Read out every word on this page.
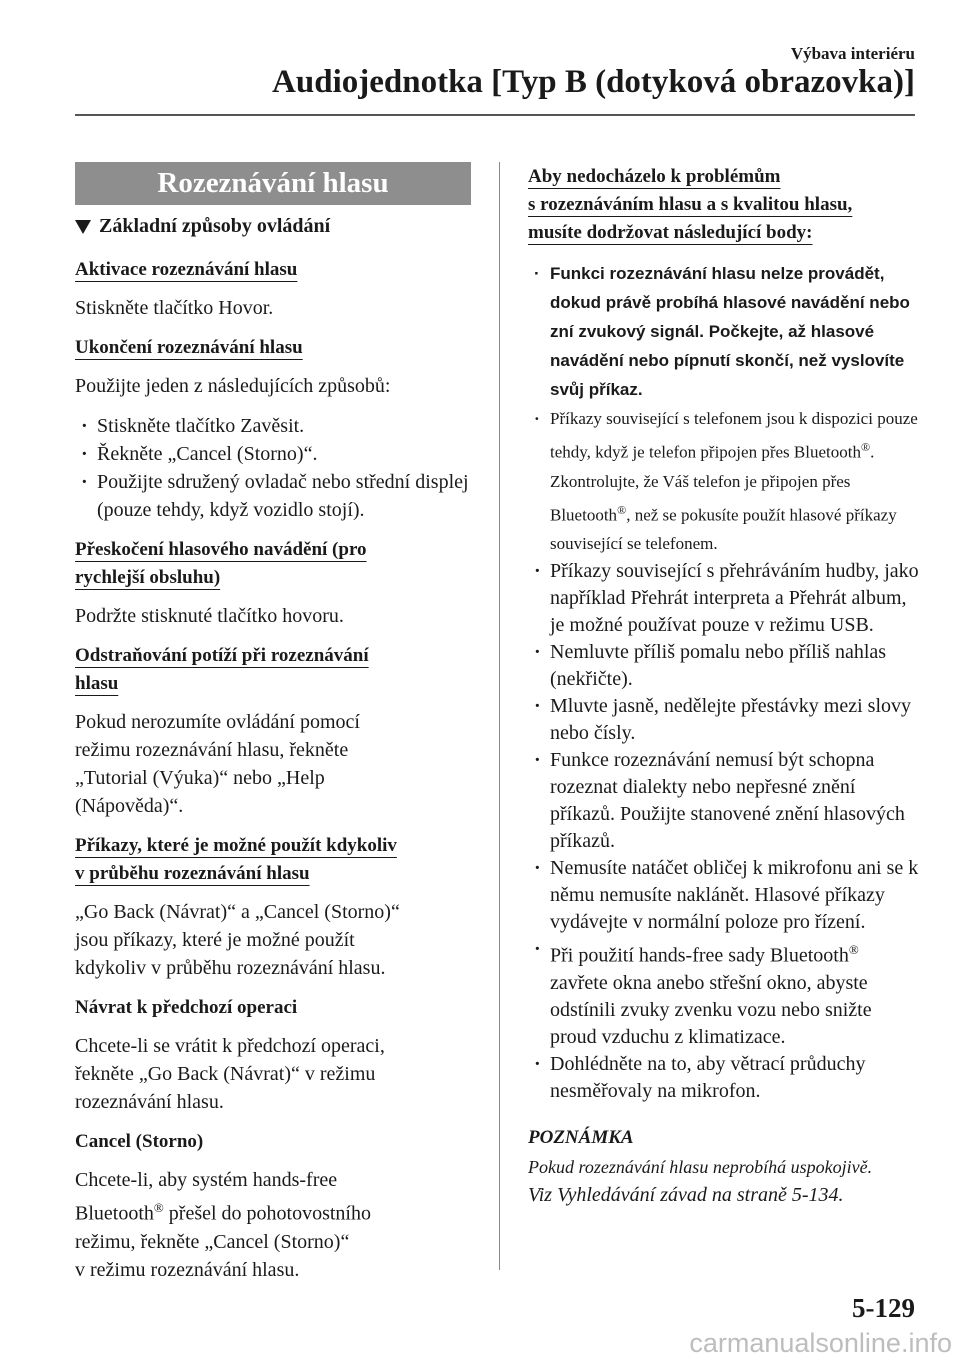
Výbava interiéru
Audiojednotka [Typ B (dotyková obrazovka)]
Rozeznávání hlasu
Základní způsoby ovládání
Aktivace rozeznávání hlasu
Stiskněte tlačítko Hovor.
Ukončení rozeznávání hlasu
Použijte jeden z následujících způsobů:
· Stiskněte tlačítko Zavěsit.
· Řekněte „Cancel (Storno)“.
· Použijte sdružený ovladač nebo střední displej (pouze tehdy, když vozidlo stojí).
Přeskočení hlasového navádění (pro
rychlejší obsluhu)
Podržte stisknuté tlačítko hovoru.
Odstraňování potíží při rozeznávání
hlasu
Pokud nerozumíte ovládání pomocí
režimu rozeznávání hlasu, řekněte
„Tutorial (Výuka)“ nebo „Help
(Nápověda)“.
Příkazy, které je možné použít kdykoliv
v průběhu rozeznávání hlasu
„Go Back (Návrat)“ a „Cancel (Storno)“
jsou příkazy, které je možné použít
kdykoliv v průběhu rozeznávání hlasu.
Návrat k předchozí operaci
Chcete-li se vrátit k předchozí operaci,
řekněte „Go Back (Návrat)“ v režimu
rozeznávání hlasu.
Cancel (Storno)
Chcete-li, aby systém hands-free
Bluetooth® přešel do pohotovostního
režimu, řekněte „Cancel (Storno)“
v režimu rozeznávání hlasu.
Aby nedocházelo k problémům
s rozeznáváním hlasu a s kvalitou hlasu,
musíte dodržovat následující body:
· Funkci rozeznávání hlasu nelze provádět, dokud právě probíhá hlasové navádění nebo zní zvukový signál. Počkejte, až hlasové navádění nebo pípnutí skončí, než vyslovíte svůj příkaz.
· Příkazy související s telefonem jsou k dispozici pouze tehdy, když je telefon připojen přes Bluetooth®. Zkontrolujte, že Váš telefon je připojen přes Bluetooth®, než se pokusíte použít hlasové příkazy související se telefonem.
· Příkazy související s přehráváním hudby, jako například Přehrát interpreta a Přehrát album, je možné používat pouze v režimu USB.
· Nemluvte příliš pomalu nebo příliš nahlas (nekřičte).
· Mluvte jasně, nedělejte přestávky mezi slovy nebo čísly.
· Funkce rozeznávání nemusí být schopna rozeznat dialekty nebo nepřesné znění příkazů. Použijte stanovené znění hlasových příkazů.
· Nemusíte natáčet obličej k mikrofonu ani se k němu nemusíte naklánět. Hlasové příkazy vydávejte v normální poloze pro řízení.
· Při použití hands-free sady Bluetooth® zavřete okna anebo střešní okno, abyste odstínili zvuky zvenku vozu nebo snižte proud vzduchu z klimatizace.
· Dohlédněte na to, aby větrací průduchy nesměřovaly na mikrofon.
POZNÁMKA
Pokud rozeznávání hlasu neprobíhá uspokojivě.
Viz Vyhledávání závad na straně 5-134.
5-129
carmanualsonline.info
